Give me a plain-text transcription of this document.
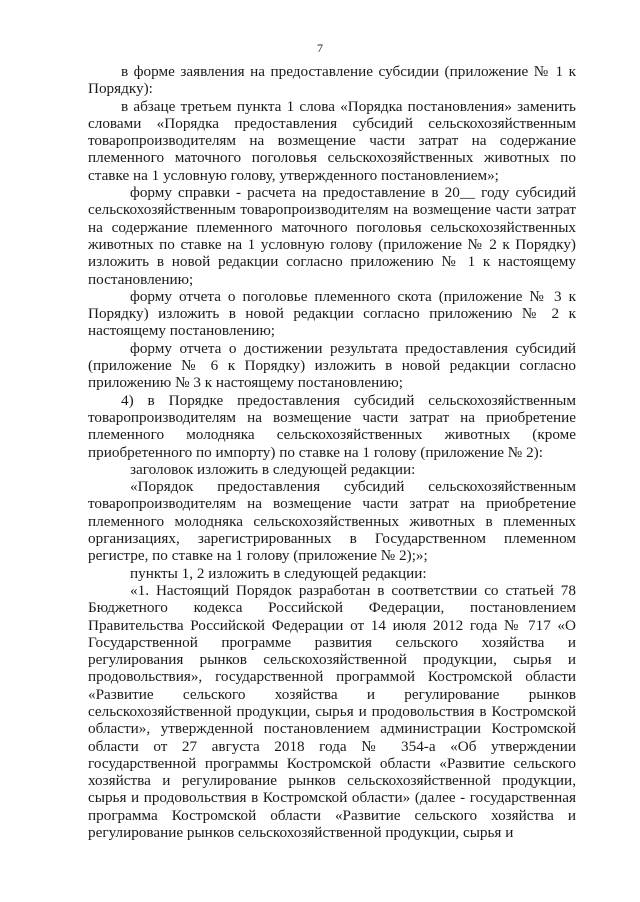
7

в форме заявления на предоставление субсидии (приложение № 1 к Порядку):

в абзаце третьем пункта 1 слова «Порядка постановления» заменить словами «Порядка предоставления субсидий сельскохозяйственным товаропроизводителям на возмещение части затрат на содержание племенного маточного поголовья сельскохозяйственных животных по ставке на 1 условную голову, утвержденного постановлением»;

форму справки - расчета на предоставление в 20__ году субсидий сельскохозяйственным товаропроизводителям на возмещение части затрат на содержание племенного маточного поголовья сельскохозяйственных животных по ставке на 1 условную голову (приложение № 2 к Порядку) изложить в новой редакции согласно приложению № 1 к настоящему постановлению;

форму отчета о поголовье племенного скота (приложение № 3 к Порядку) изложить в новой редакции согласно приложению № 2 к настоящему постановлению;

форму отчета о достижении результата предоставления субсидий (приложение № 6 к Порядку) изложить в новой редакции согласно приложению № 3 к настоящему постановлению;

4) в Порядке предоставления субсидий сельскохозяйственным товаропроизводителям на возмещение части затрат на приобретение племенного молодняка сельскохозяйственных животных (кроме приобретенного по импорту) по ставке на 1 голову (приложение № 2):

заголовок изложить в следующей редакции:

«Порядок предоставления субсидий сельскохозяйственным товаропроизводителям на возмещение части затрат на приобретение племенного молодняка сельскохозяйственных животных в племенных организациях, зарегистрированных в Государственном племенном регистре, по ставке на 1 голову (приложение № 2);»;

пункты 1, 2 изложить в следующей редакции:

«1. Настоящий Порядок разработан в соответствии со статьей 78 Бюджетного кодекса Российской Федерации, постановлением Правительства Российской Федерации от 14 июля 2012 года № 717 «О Государственной программе развития сельского хозяйства и регулирования рынков сельскохозяйственной продукции, сырья и продовольствия», государственной программой Костромской области «Развитие сельского хозяйства и регулирование рынков сельскохозяйственной продукции, сырья и продовольствия в Костромской области», утвержденной постановлением администрации Костромской области от 27 августа 2018 года № 354-а «Об утверждении государственной программы Костромской области «Развитие сельского хозяйства и регулирование рынков сельскохозяйственной продукции, сырья и продовольствия в Костромской области» (далее - государственная программа Костромской области «Развитие сельского хозяйства и регулирование рынков сельскохозяйственной продукции, сырья и
